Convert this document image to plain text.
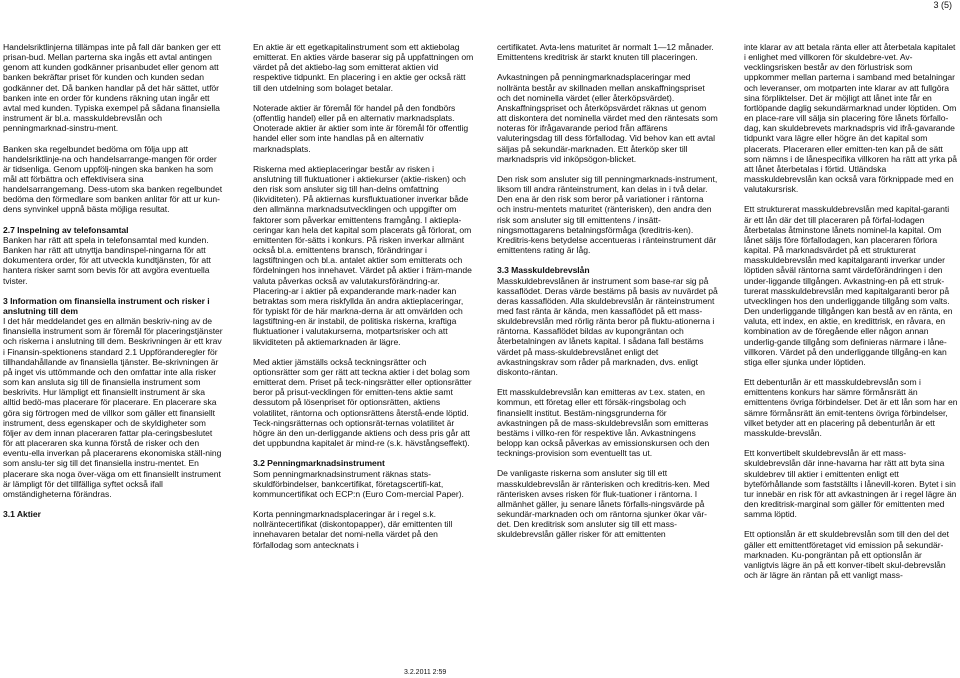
3 (5)

Handelsriktlinjerna tillämpas inte på fall där banken ger ett prisan-bud. Mellan parterna ska ingås ett avtal antingen genom att kunden godkänner prisanbudet eller genom att banken bekräftar priset för kunden och kunden sedan godkänner det. Då banken handlar på det här sättet, utför banken inte en order för kundens räkning utan ingår ett avtal med kunden. Typiska exempel på sådana finansiella instrument är bl.a. masskuldebrevslån och penningmarknad-sinstru-ment.

Banken ska regelbundet bedöma om följa upp att handelsriktlinje-na och handelsarrange-mangen för order är tidsenliga. Genom uppfölj-ningen ska banken ha som mål att förbättra och effektivisera sina handelsarrangemang. Dess-utom ska banken regelbundet bedöma den förmedlare som banken anlitar för att ur kun-dens synvinkel uppnå bästa möjliga resultat.

2.7 Inspelning av telefonsamtal

Banken har rätt att spela in telefonsamtal med kunden. Banken har rätt att utnyttja bandinspel-ningarna för att dokumentera order, för att utveckla kundtjänsten, för att hantera risker samt som bevis för att avgöra eventuella tvister.

3 Information om finansiella instrument och risker i anslutning till dem

I det här meddelandet ges en allmän beskriv-ning av de finansiella instrument som är föremål för placeringstjänster och riskerna i anslutning till dem. Beskrivningen är ett krav i Finansin-spektionens standard 2.1 Uppföranderegler för tillhandahållande av finansiella tjänster. Be-skrivningen är på inget vis uttömmande och den omfattar inte alla risker som kan ansluta sig till de finansiella instrument som beskrivits. Hur lämpligt ett finansiellt instrument är ska alltid bedö-mas placerare för placerare. En placerare ska göra sig förtrogen med de villkor som gäller ett finansiellt instrument, dess egenskaper och de skyldigheter som följer av dem innan placeraren fattar pla-ceringsbeslutet för att placeraren ska kunna förstå de risker och den eventu-ella inverkan på placerarens ekonomiska ställ-ning som anslu-ter sig till det finansiella instru-mentet. En placerare ska noga över-väga om ett finansiellt instrument är lämpligt för det tillfälliga syftet också ifall omständigheterna förändras.

3.1 Aktier

En aktie är ett egetkapitalinstrument som ett aktiebolag emitterat. En akties värde baserar sig på uppfattningen om värdet på det aktiebo-lag som emitterat aktien vid respektive tidpunkt. En placering i en aktie ger också rätt till den utdelning som bolaget betalar.

Noterade aktier är föremål för handel på den fondbörs (offentlig handel) eller på en alternativ marknadsplats. Onoterade aktier är aktier som inte är föremål för offentlig handel eller som inte handlas på en alternativ marknadsplats.

Riskerna med aktieplaceringar består av risken i anslutning till fluktuationer i aktiekurser (aktie-risken) och den risk som ansluter sig till han-delns omfattning (likviditeten). På aktiernas kursfluktuationer inverkar både den allmänna marknadsutvecklingen och uppgifter om faktorer som påverkar emittentens framgång. I aktiepla-ceringar kan hela det kapital som placerats gå förlorat, om emittenten för-sätts i konkurs. På risken inverkar allmänt också bl.a. emittentens bransch, förändringar i lagstiftningen och bl.a. antalet aktier som emitterats och fördelningen hos innehavet. Värdet på aktier i främ-mande valuta påverkas också av valutakursförändring-ar. Placering-ar i aktier på expanderande mark-nader kan betraktas som mera riskfyllda än andra aktieplaceringar, för typiskt för de här markna-derna är att omvärlden och lagstiftning-en är instabil, de politiska riskerna, kraftiga fluktuationer i valutakurserna, motpartsrisker och att likviditeten på aktiemarknaden är lägre.

Med aktier jämställs också teckningsrätter och optionsrätter som ger rätt att teckna aktier i det bolag som emitterat dem. Priset på teck-ningsrätter eller optionsrätter beror på prisut-vecklingen för emitten-tens aktie samt dessutom på lösenpriset för optionsrätten, aktiens volatilitet, räntorna och optionsrättens återstå-ende löptid. Teck-ningsrätternas och optionsrät-ternas volatilitet är högre än den un-derliggande aktiens och dess pris går att det uppbundna kapitalet är mind-re (s.k. hävstångseffekt).

3.2 Penningmarknadsinstrument

Som penningmarknadsinstrument räknas stats-skuldförbindelser, bankcertifikat, företagscertifi-kat, kommuncertifikat och ECP:n (Euro Com-mercial Paper).

Korta penningmarknadsplaceringar är i regel s.k. nollräntecertifikat (diskontopapper), där emittenten till innehavaren betalar det nomi-nella värdet på den förfallodag som antecknats i

certifikatet. Avta-lens maturitet är normalt 1—12 månader. Emittentens kreditrisk är starkt knuten till placeringen.

Avkastningen på penningmarknadsplaceringar med nollränta består av skillnaden mellan anskaffningspriset och det nominella värdet (eller återköpsvärdet). Anskaffningspriset och återköpsvärdet räknas ut genom att diskontera det nominella värdet med den räntesats som noteras för ifrågavarande period från affärens valuteringsdag till dess förfallodag. Vid behov kan ett avtal säljas på sekundär-marknaden. Ett återköp sker till marknadspris vid inköpsögon-blicket.

Den risk som ansluter sig till penningmarknads-instrument, liksom till andra ränteinstrument, kan delas in i två delar. Den ena är den risk som beror på variationer i räntorna och instru-mentets maturitet (ränterisken), den andra den risk som ansluter sig till emittentens / insätt-ningsmottagarens betalningsförmåga (kreditris-ken). Kreditris-kens betydelse accentueras i ränteinstrument där emittentens rating är låg.

3.3 Masskuldebrevslån

Masskuldebrevslånen är instrument som base-rar sig på kassaflödet. Deras värde bestäms på basis av nuvärdet på deras kassaflöden. Alla skuldebrevslån är ränteinstrument med fast ränta är kända, men kassaflödet på ett mass-skuldebrevslån med rörlig ränta beror på fluktu-ationerna i räntorna. Kassaflödet bildas av kupongräntan och återbetalningen av lånets kapital. I sådana fall bestäms värdet på mass-skuldebrevslånet enligt det avkastningskrav som råder på marknaden, dvs. enligt diskonto-räntan.

Ett masskuldebrevslån kan emitteras av t.ex. staten, en kommun, ett företag eller ett försäk-ringsbolag och finansiellt institut. Bestäm-ningsgrunderna för avkastningen på de mass-skuldebrevslån som emitteras bestäms i villko-ren för respektive lån. Avkastningens belopp kan också påverkas av emissionskursen och den tecknings-provision som eventuellt tas ut.

De vanligaste riskerna som ansluter sig till ett masskuldebrevslån är ränterisken och kreditris-ken. Med ränterisken avses risken för fluk-tuationer i räntorna. I allmänhet gäller, ju senare lånets förfalls-ningsvärde på sekundär-marknaden och om räntorna sjunker ökar vär-det. Den kreditrisk som ansluter sig till ett mass-skuldebrevslån gäller risker för att emittenten

inte klarar av att betala ränta eller att återbetala kapitalet i enlighet med villkoren för skuldebre-vet. Av-vecklingsrisken består av den förlustrisk som uppkommer mellan parterna i samband med betalningar och leveranser, om motparten inte klarar av att fullgöra sina förpliktelser. Det är möjligt att lånet inte får en fortlöpande daglig sekundärmarknad under löptiden. Om en place-rare vill sälja sin placering före lånets förfallo-dag, kan skuldebrevets marknadspris vid ifrå-gavarande tidpunkt vara lägre eller högre än det kapital som placerats. Placeraren eller emitten-ten kan på de sätt som nämns i de lånespecifika villkoren ha rätt att yrka på att lånet återbetalas i förtid. Utländska masskuldebrevslån kan också vara förknippade med en valutakursrisk.

Ett strukturerat masskuldebrevslån med kapital-garanti är ett lån där det till placeraren på förfal-lodagen återbetalas åtminstone lånets nominel-la kapital. Om lånet säljs före förfallodagen, kan placeraren förlora kapital. På marknadsvärdet på ett strukturerat masskuldebrevslån med kapitalgaranti inverkar under löptiden såväl räntorna samt värdeförändringen i den under-liggande tillgången. Avkastning-en på ett struk-turerat masskuldebrevslån med kapitalgaranti beror på utvecklingen hos den underliggande tillgång som valts. Den underliggande tillgången kan bestå av en ränta, en valuta, ett index, en aktie, en kredittrisk, en råvara, en kombination av de föregående eller någon annan underlig-gande tillgång som definieras närmare i låne-villkoren. Värdet på den underliggande tillgång-en kan stiga eller sjunka under löptiden.

Ett debenturlån är ett masskuldebrevslån som i emittentens konkurs har sämre förmånsrätt än emittentens övriga förbindelser. Det är ett lån som har en sämre förmånsrätt än emit-tentens övriga förbindelser, vilket betyder att en placering på debenturlån är ett masskulde-brevslån.

Ett konvertibelt skuldebrevslån är ett mass-skuldebrevslån där inne-havarna har rätt att byta sina skuldebrev till aktier i emittenten enligt ett byteförhållande som fastställts i lånevill-koren. Bytet i sin tur innebär en risk för att avkastningen är i regel lägre än den kreditrisk-marginal som gäller för emittenten med samma löptid.

Ett optionslån är ett skuldebrevslån som till den del det gäller ett emittentföretaget vid emission på sekundär-marknaden. Ku-pongräntan på ett optionslån är vanligtvis lägre än på ett konver-tibelt skul-debrevslån och är lägre än räntan på ett vanligt mass-

3.2.2011 2:59
